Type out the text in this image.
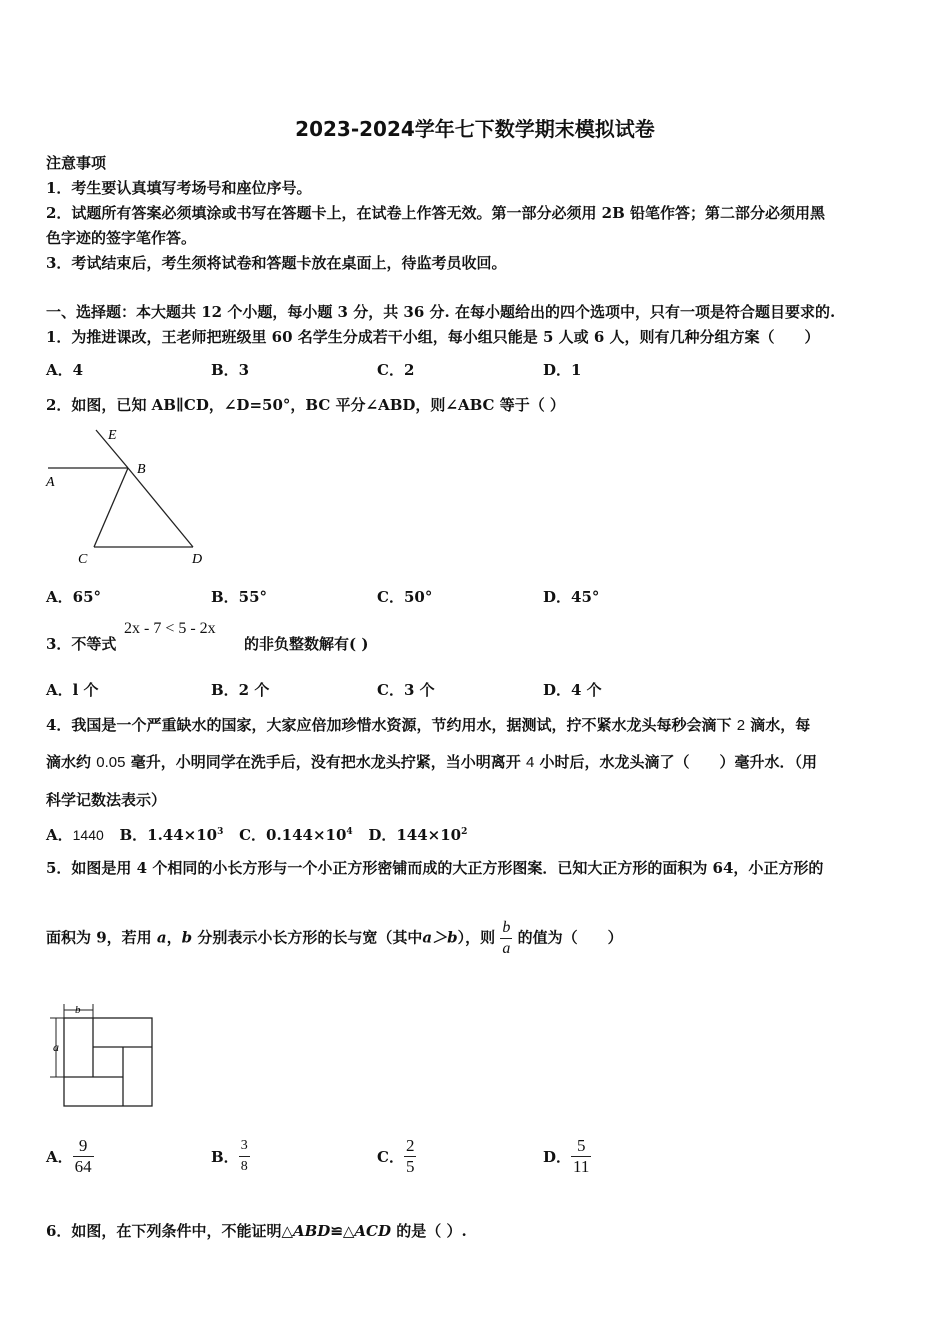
2023-2024学年七下数学期末模拟试卷
注意事项
1．考生要认真填写考场号和座位序号。
2．试题所有答案必须填涂或书写在答题卡上，在试卷上作答无效。第一部分必须用 2B 铅笔作答；第二部分必须用黑
色字迹的签字笔作答。
3．考试结束后，考生须将试卷和答题卡放在桌面上，待监考员收回。
一、选择题：本大题共 12 个小题，每小题 3 分，共 36 分. 在每小题给出的四个选项中，只有一项是符合题目要求的.
1．为推进课改，王老师把班级里 60 名学生分成若干小组，每小组只能是 5 人或 6 人，则有几种分组方案（　　）
A．4	B．3	C．2	D．1
2．如图，已知 AB∥CD，∠D=50°，BC 平分∠ABD，则∠ABC 等于（ ）
E
A
B
C	D
A．65°	B．55°	C．50°	D．45°
3．不等式
2x - 7 < 5 - 2x
的非负整数解有( )
A．l 个	B．2 个	C．3 个	D．4 个
4．我国是一个严重缺水的国家，大家应倍加珍惜水资源，节约用水，据测试，拧不紧水龙头每秒会滴下 2 滴水，每
滴水约 0.05 毫升，小明同学在洗手后，没有把水龙头拧紧，当小明离开 4 小时后，水龙头滴了（　　）毫升水．（用
科学记数法表示）
A．1440 B．$1.44\times 10^3$ C．$0.144\times 10^4$ D．$144\times 10^2$
5．如图是用 4 个相同的小长方形与一个小正方形密铺而成的大正方形图案．已知大正方形的面积为 64，小正方形的
面积为 9，若用 a，b 分别表示小长方形的长与宽（其中a＞b），则 $\frac{b}{a}$ 的值为（　　）
b
a
A． $\frac{9}{64}$	B． $\frac{3}{8}$	C． $\frac{2}{5}$	D． $\frac{5}{11}$
6．如图，在下列条件中，不能证明△ABD≌△ACD 的是（ ）.
